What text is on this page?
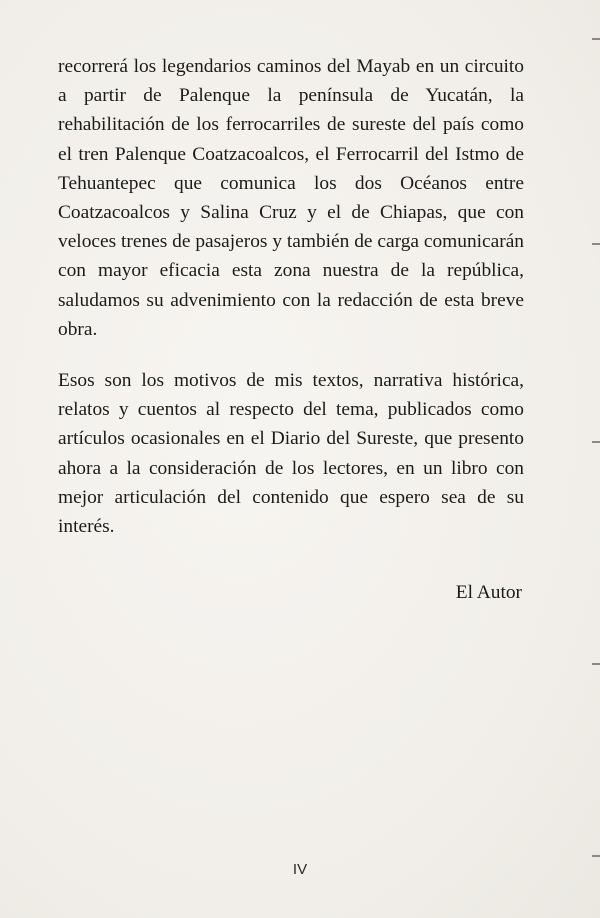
recorrerá los legendarios caminos del Mayab en un circuito a partir de Palenque la península de Yucatán, la rehabilitación de los ferrocarriles de sureste del país como el tren Palenque Coatzacoalcos, el Ferrocarril del Istmo de Tehuantepec que comunica los dos Océanos entre Coatzacoalcos y Salina Cruz y el de Chiapas, que con veloces trenes de pasajeros y también de carga comunicarán con mayor eficacia esta zona nuestra de la república, saludamos su advenimiento con la redacción de esta breve obra.

Esos son los motivos de mis textos, narrativa histórica, relatos y cuentos al respecto del tema, publicados como artículos ocasionales en el Diario del Sureste, que presento ahora a la consideración de los lectores, en un libro con mejor articulación del contenido que espero sea de su interés.

El Autor
IV
